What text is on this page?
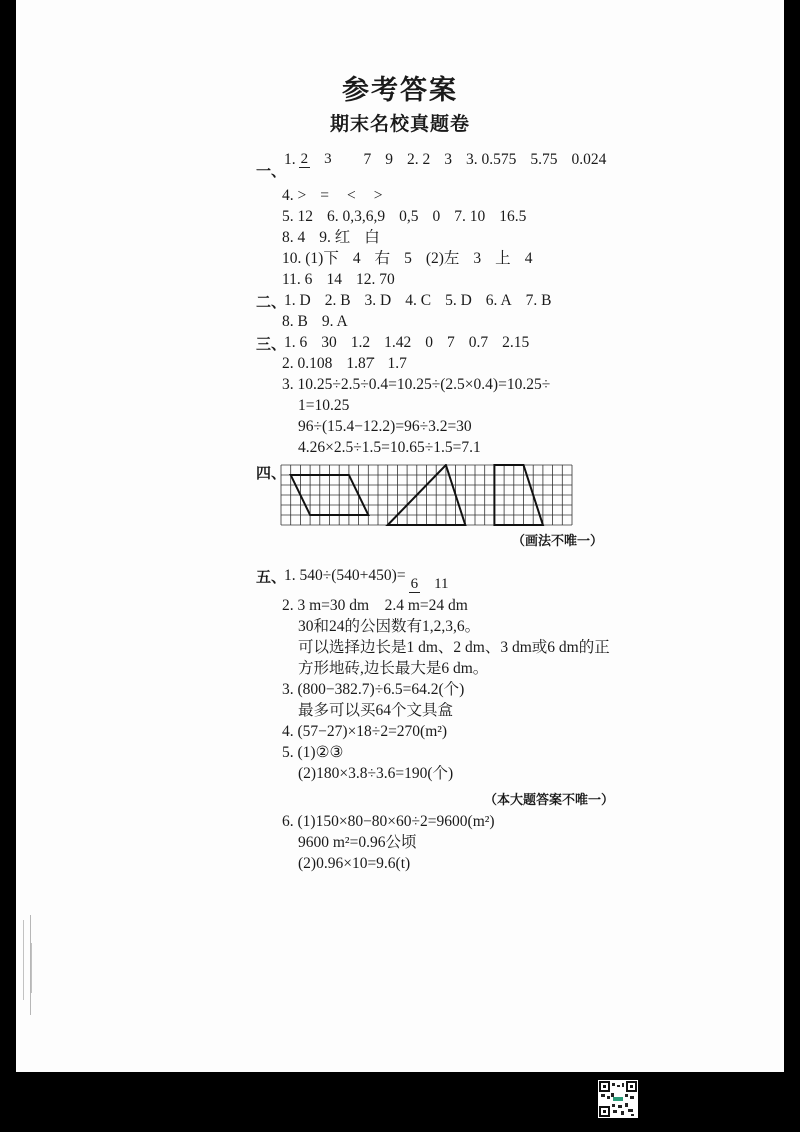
参考答案
期末名校真题卷
一、
1. 2 3 7 9 2. 2 3 3. 0.575 5.75 0.024
4. > = < >
5. 12 6. 0,3,6,9 0,5 0 7. 10 16.5
8. 4 9. 红 白
10. (1)下 4 右 5 (2)左 3 上 4
11. 6 14 12. 70
二、
1. D 2. B 3. D 4. C 5. D 6. A 7. B
8. B 9. A
三、
1. 6 30 1.2 1.42 0 7 0.7 2.15
2. 0.108 1.87̇ 1.7
3. 10.25÷2.5÷0.4=10.25÷(2.5×0.4)=10.25÷
1=10.25
96÷(15.4−12.2)=96÷3.2=30
4.26×2.5÷1.5=10.65÷1.5=7.1
四、
（画法不唯一）
五、
1. 540÷(540+450)= 6 11
2. 3 m=30 dm　2.4 m=24 dm
30和24的公因数有1,2,3,6。
可以选择边长是1 dm、2 dm、3 dm或6 dm的正
方形地砖,边长最大是6 dm。
3. (800−382.7)÷6.5=64.2(个)
最多可以买64个文具盒
4. (57−27)×18÷2=270(m²)
5. (1)②③
(2)180×3.8÷3.6=190(个)
（本大题答案不唯一）
6. (1)150×80−80×60÷2=9600(m²)
9600 m²=0.96公顷
(2)0.96×10=9.6(t)
